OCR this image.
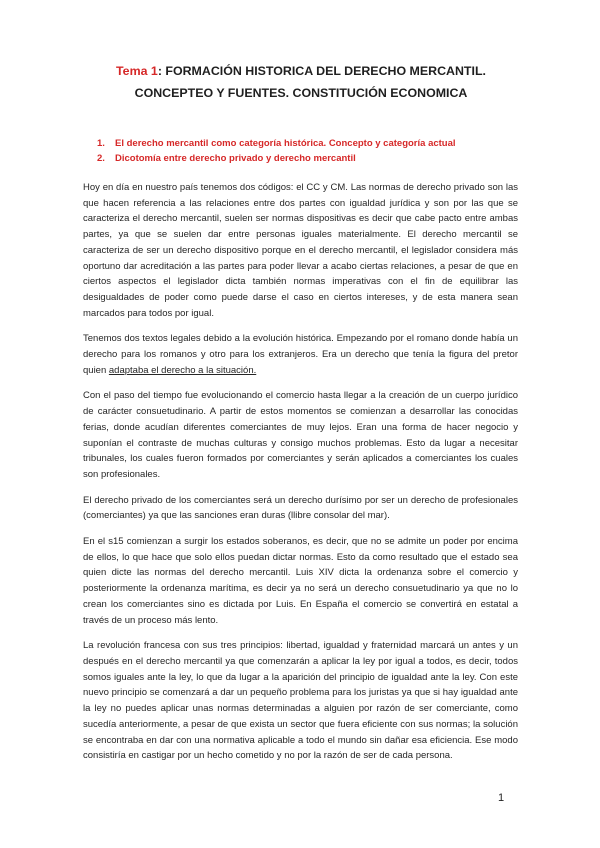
Tema 1: FORMACIÓN HISTORICA DEL DERECHO MERCANTIL. CONCEPTEO Y FUENTES. CONSTITUCIÓN ECONOMICA
1. El derecho mercantil como categoría histórica. Concepto y categoría actual
2. Dicotomía entre derecho privado y derecho mercantil

Hoy en día en nuestro país tenemos dos códigos: el CC y CM. Las normas de derecho privado son las que hacen referencia a las relaciones entre dos partes con igualdad jurídica y son por las que se caracteriza el derecho mercantil, suelen ser normas dispositivas es decir que cabe pacto entre ambas partes, ya que se suelen dar entre personas iguales materialmente. El derecho mercantil se caracteriza de ser un derecho dispositivo porque en el derecho mercantil, el legislador considera más oportuno dar acreditación a las partes para poder llevar a acabo ciertas relaciones, a pesar de que en ciertos aspectos el legislador dicta también normas imperativas con el fin de equilibrar las desigualdades de poder como puede darse el caso en ciertos intereses, y de esta manera sean marcados para todos por igual.

Tenemos dos textos legales debido a la evolución histórica. Empezando por el romano donde había un derecho para los romanos y otro para los extranjeros. Era un derecho que tenía la figura del pretor quien adaptaba el derecho a la situación.

Con el paso del tiempo fue evolucionando el comercio hasta llegar a la creación de un cuerpo jurídico de carácter consuetudinario. A partir de estos momentos se comienzan a desarrollar las conocidas ferias, donde acudían diferentes comerciantes de muy lejos. Eran una forma de hacer negocio y suponían el contraste de muchas culturas y consigo muchos problemas. Esto da lugar a necesitar tribunales, los cuales fueron formados por comerciantes y serán aplicados a comerciantes los cuales son profesionales.

El derecho privado de los comerciantes será un derecho durísimo por ser un derecho de profesionales (comerciantes) ya que las sanciones eran duras (llibre consolar del mar).

En el s15 comienzan a surgir los estados soberanos, es decir, que no se admite un poder por encima de ellos, lo que hace que solo ellos puedan dictar normas. Esto da como resultado que el estado sea quien dicte las normas del derecho mercantil. Luis XIV dicta la ordenanza sobre el comercio y posteriormente la ordenanza marítima, es decir ya no será un derecho consuetudinario ya que no lo crean los comerciantes sino es dictada por Luis. En España el comercio se convertirá en estatal a través de un proceso más lento.

La revolución francesa con sus tres principios: libertad, igualdad y fraternidad marcará un antes y un después en el derecho mercantil ya que comenzarán a aplicar la ley por igual a todos, es decir, todos somos iguales ante la ley, lo que da lugar a la aparición del principio de igualdad ante la ley. Con este nuevo principio se comenzará a dar un pequeño problema para los juristas ya que si hay igualdad ante la ley no puedes aplicar unas normas determinadas a alguien por razón de ser comerciante, como sucedía anteriormente, a pesar de que exista un sector que fuera eficiente con sus normas; la solución se encontraba en dar con una normativa aplicable a todo el mundo sin dañar esa eficiencia. Ese modo consistiría en castigar por un hecho cometido y no por la razón de ser de cada persona.

1
